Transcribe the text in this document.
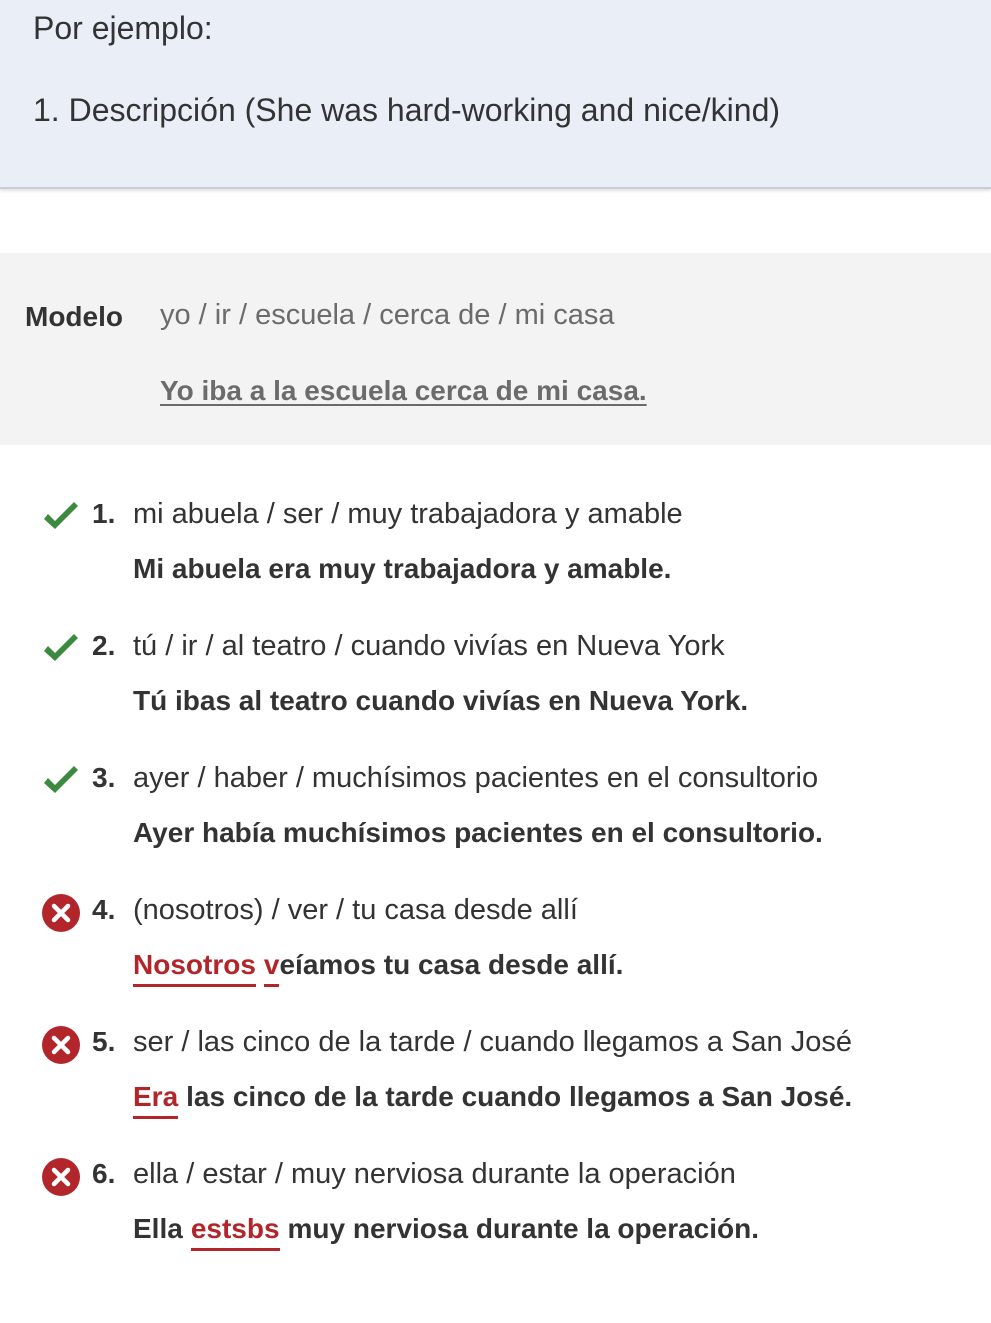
Por ejemplo:
1. Descripción (She was hard-working and nice/kind)
Modelo yo / ir / escuela / cerca de / mi casa
Yo iba a la escuela cerca de mi casa.
1. mi abuela / ser / muy trabajadora y amable
Mi abuela era muy trabajadora y amable.
2. tú / ir / al teatro / cuando vivías en Nueva York
Tú ibas al teatro cuando vivías en Nueva York.
3. ayer / haber / muchísimos pacientes en el consultorio
Ayer había muchísimos pacientes en el consultorio.
4. (nosotros) / ver / tu casa desde allí
Nosotros veíamos tu casa desde allí.
5. ser / las cinco de la tarde / cuando llegamos a San José
Era las cinco de la tarde cuando llegamos a San José.
6. ella / estar / muy nerviosa durante la operación
Ella estsbs muy nerviosa durante la operación.
